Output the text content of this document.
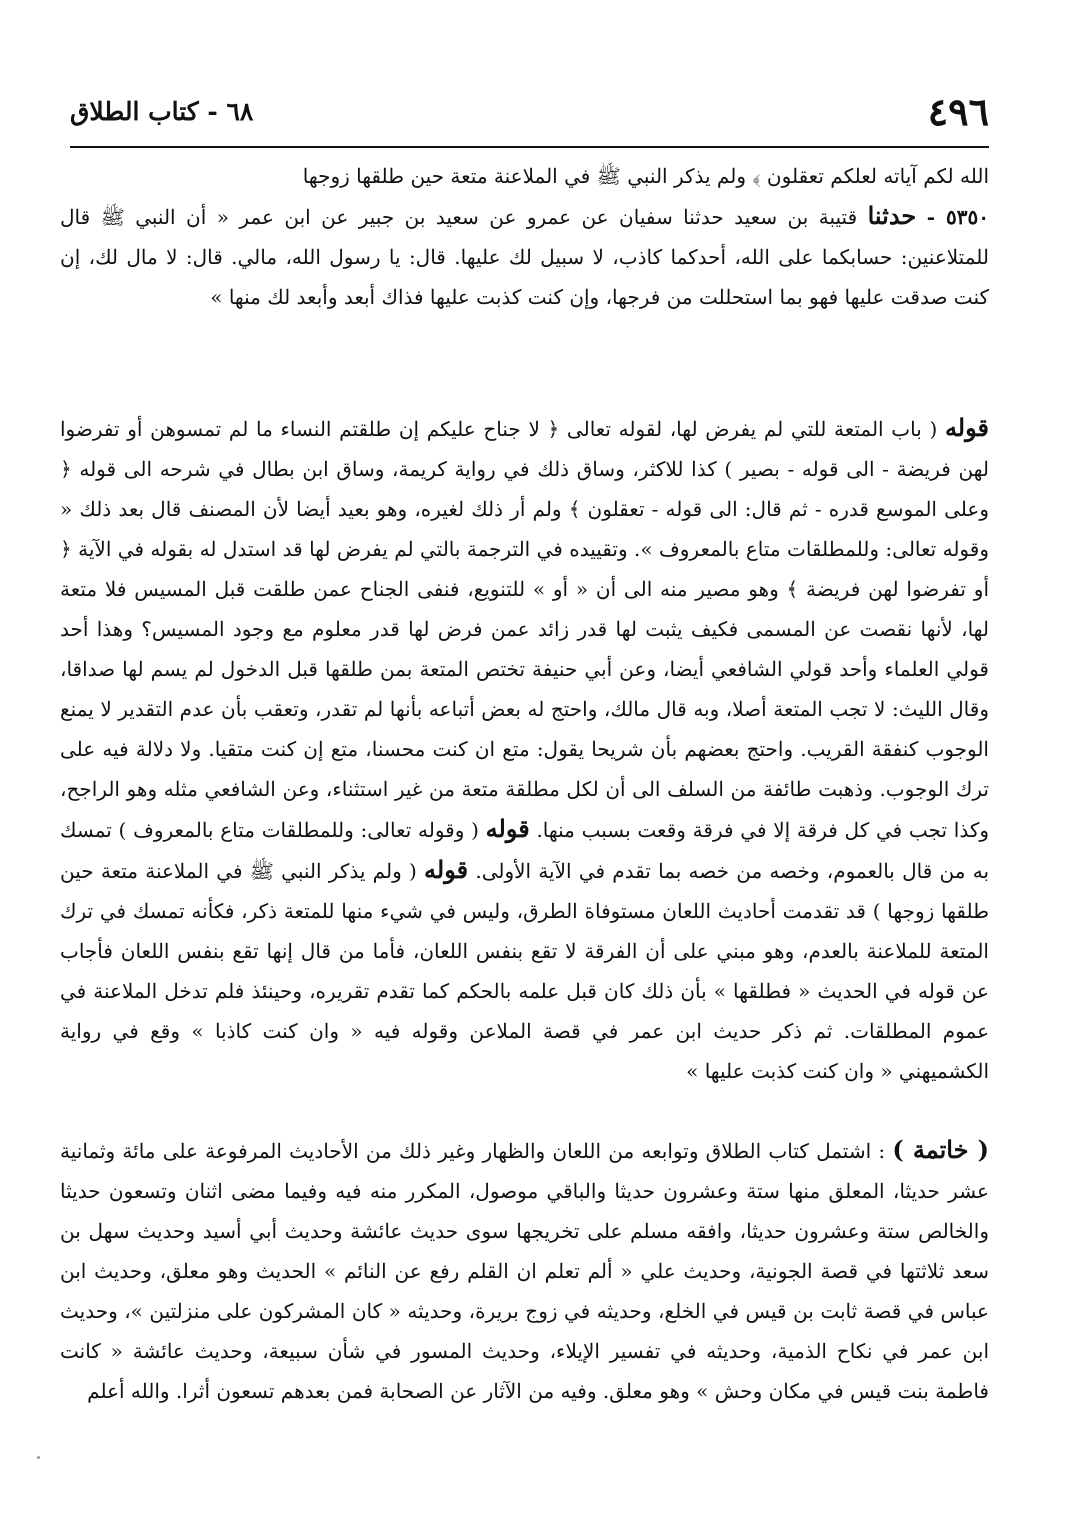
٤٩٦
٦٨ - كتاب الطلاق

الله لكم آياته لعلكم تعقلون ﴾ ولم يذكر النبي ﷺ في الملاعنة متعة حين طلقها زوجها

٥٣٥٠ - حدثنا قتيبة بن سعيد حدثنا سفيان عن عمرو عن سعيد بن جبير عن ابن عمر « أن النبي ﷺ قال للمتلاعنين: حسابكما على الله، أحدكما كاذب، لا سبيل لك عليها. قال: يا رسول الله، مالي. قال: لا مال لك، إن كنت صدقت عليها فهو بما استحللت من فرجها، وإن كنت كذبت عليها فذاك أبعد وأبعد لك منها »

قوله ( باب المتعة للتي لم يفرض لها، لقوله تعالى ﴿ لا جناح عليكم إن طلقتم النساء ما لم تمسوهن أو تفرضوا لهن فريضة - الى قوله - بصير ) كذا للاكثر، وساق ذلك في رواية كريمة، وساق ابن بطال في شرحه الى قوله ﴿ وعلى الموسع قدره - ثم قال: الى قوله - تعقلون ﴾ ولم أر ذلك لغيره، وهو بعيد أيضا لأن المصنف قال بعد ذلك « وقوله تعالى: وللمطلقات متاع بالمعروف ». وتقييده في الترجمة بالتي لم يفرض لها قد استدل له بقوله في الآية ﴿ أو تفرضوا لهن فريضة ﴾ وهو مصير منه الى أن « أو » للتنويع، فنفى الجناح عمن طلقت قبل المسيس فلا متعة لها، لأنها نقصت عن المسمى فكيف يثبت لها قدر زائد عمن فرض لها قدر معلوم مع وجود المسيس؟ وهذا أحد قولي العلماء وأحد قولي الشافعي أيضا، وعن أبي حنيفة تختص المتعة بمن طلقها قبل الدخول لم يسم لها صداقا، وقال الليث: لا تجب المتعة أصلا، وبه قال مالك، واحتج له بعض أتباعه بأنها لم تقدر، وتعقب بأن عدم التقدير لا يمنع الوجوب كنفقة القريب. واحتج بعضهم بأن شريحا يقول: متع ان كنت محسنا، متع إن كنت متقيا. ولا دلالة فيه على ترك الوجوب. وذهبت طائفة من السلف الى أن لكل مطلقة متعة من غير استثناء، وعن الشافعي مثله وهو الراجح، وكذا تجب في كل فرقة إلا في فرقة وقعت بسبب منها. قوله ( وقوله تعالى: وللمطلقات متاع بالمعروف ) تمسك به من قال بالعموم، وخصه من خصه بما تقدم في الآية الأولى. قوله ( ولم يذكر النبي ﷺ في الملاعنة متعة حين طلقها زوجها ) قد تقدمت أحاديث اللعان مستوفاة الطرق، وليس في شيء منها للمتعة ذكر، فكأنه تمسك في ترك المتعة للملاعنة بالعدم، وهو مبني على أن الفرقة لا تقع بنفس اللعان، فأما من قال إنها تقع بنفس اللعان فأجاب عن قوله في الحديث « فطلقها » بأن ذلك كان قبل علمه بالحكم كما تقدم تقريره، وحينئذ فلم تدخل الملاعنة في عموم المطلقات. ثم ذكر حديث ابن عمر في قصة الملاعن وقوله فيه « وان كنت كاذبا » وقع في رواية الكشميهني « وان كنت كذبت عليها »

( خاتمة ) : اشتمل كتاب الطلاق وتوابعه من اللعان والظهار وغير ذلك من الأحاديث المرفوعة على مائة وثمانية عشر حديثا، المعلق منها ستة وعشرون حديثا والباقي موصول، المكرر منه فيه وفيما مضى اثنان وتسعون حديثا والخالص ستة وعشرون حديثا، وافقه مسلم على تخريجها سوى حديث عائشة وحديث أبي أسيد وحديث سهل بن سعد ثلاثتها في قصة الجونية، وحديث علي « ألم تعلم ان القلم رفع عن النائم » الحديث وهو معلق، وحديث ابن عباس في قصة ثابت بن قيس في الخلع، وحديثه في زوج بريرة، وحديثه « كان المشركون على منزلتين »، وحديث ابن عمر في نكاح الذمية، وحديثه في تفسير الإيلاء، وحديث المسور في شأن سبيعة، وحديث عائشة « كانت فاطمة بنت قيس في مكان وحش » وهو معلق. وفيه من الآثار عن الصحابة فمن بعدهم تسعون أثرا. والله أعلم
